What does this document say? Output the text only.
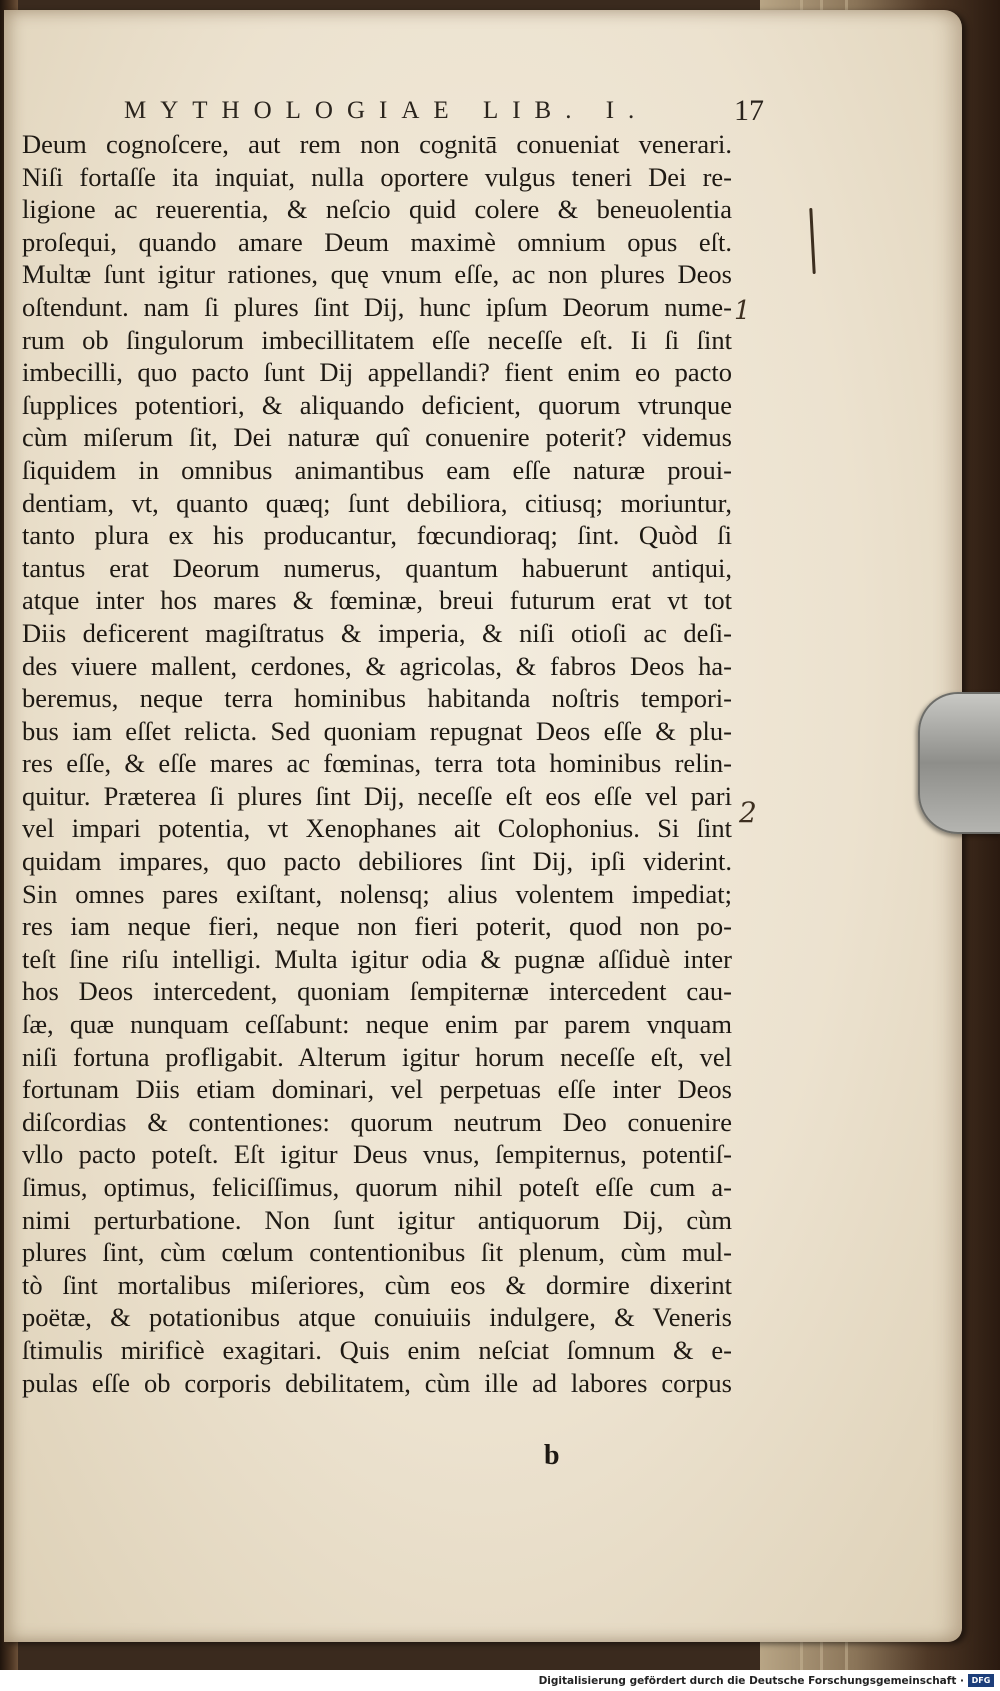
MYTHOLOGIAE LIB. I.	17
Deum cognoſcere, aut rem non cognitā conueniat venerari.
Niſi fortaſſe ita inquiat, nulla oportere vulgus teneri Dei re-
ligione ac reuerentia, & neſcio quid colere & beneuolentia
proſequi, quando amare Deum maximè omnium opus eſt.
Multæ ſunt igitur rationes, quę vnum eſſe, ac non plures Deos
oſtendunt. nam ſi plures ſint Dij, hunc ipſum Deorum nume-
rum ob ſingulorum imbecillitatem eſſe neceſſe eſt. Ii ſi ſint
imbecilli, quo pacto ſunt Dij appellandi? fient enim eo pacto
ſupplices potentiori, & aliquando deficient, quorum vtrunque
cùm miſerum ſit, Dei naturæ quî conuenire poterit? videmus
ſiquidem in omnibus animantibus eam eſſe naturæ proui-
dentiam, vt, quanto quæq; ſunt debiliora, citiusq; moriuntur,
tanto plura ex his producantur, fœcundioraq; ſint. Quòd ſi
tantus erat Deorum numerus, quantum habuerunt antiqui,
atque inter hos mares & fœminæ, breui futurum erat vt tot
Diis deficerent magiſtratus & imperia, & niſi otioſi ac deſi-
des viuere mallent, cerdones, & agricolas, & fabros Deos ha-
beremus, neque terra hominibus habitanda noſtris tempori-
bus iam eſſet relicta. Sed quoniam repugnat Deos eſſe & plu-
res eſſe, & eſſe mares ac fœminas, terra tota hominibus relin-
quitur. Præterea ſi plures ſint Dij, neceſſe eſt eos eſſe vel pari
vel impari potentia, vt Xenophanes ait Colophonius. Si ſint
quidam impares, quo pacto debiliores ſint Dij, ipſi viderint.
Sin omnes pares exiſtant, nolensq; alius volentem impediat;
res iam neque fieri, neque non fieri poterit, quod non po-
teſt ſine riſu intelligi. Multa igitur odia & pugnæ aſſiduè inter
hos Deos intercedent, quoniam ſempiternæ intercedent cau-
ſæ, quæ nunquam ceſſabunt: neque enim par parem vnquam
niſi fortuna profligabit. Alterum igitur horum neceſſe eſt, vel
fortunam Diis etiam dominari, vel perpetuas eſſe inter Deos
diſcordias & contentiones: quorum neutrum Deo conuenire
vllo pacto poteſt. Eſt igitur Deus vnus, ſempiternus, potentiſ-
ſimus, optimus, feliciſſimus, quorum nihil poteſt eſſe cum a-
nimi perturbatione. Non ſunt igitur antiquorum Dij, cùm
plures ſint, cùm cœlum contentionibus ſit plenum, cùm mul-
tò ſint mortalibus miſeriores, cùm eos & dormire dixerint
poëtæ, & potationibus atque conuiuiis indulgere, & Veneris
ſtimulis mirificè exagitari. Quis enim neſciat ſomnum & e-
pulas eſſe ob corporis debilitatem, cùm ille ad labores corpus
b
1
2
Digitalisierung gefördert durch die Deutsche Forschungsgemeinschaft · DFG
